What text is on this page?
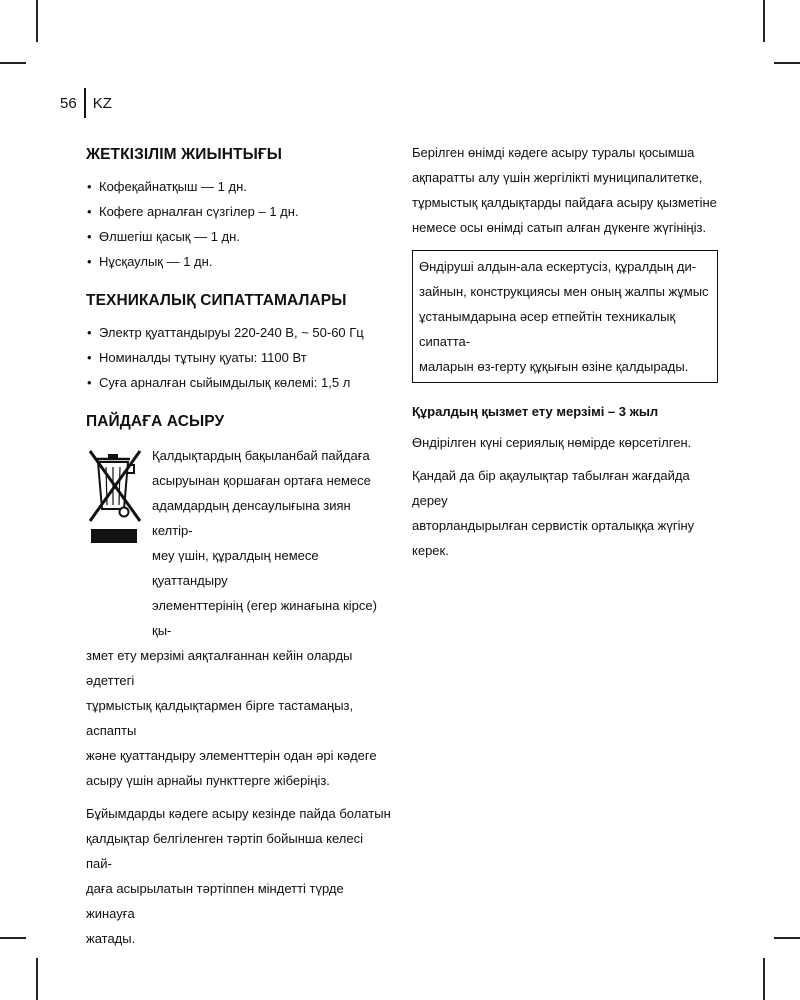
56	KZ
ЖЕТКІЗІЛІМ ЖИЫНТЫҒЫ
• Кофеқайнатқыш — 1 дн.
• Кофеге арналған сүзгілер – 1 дн.
• Өлшегіш қасық — 1 дн.
• Нұсқаулық — 1 дн.
ТЕХНИКАЛЫҚ СИПАТТАМАЛАРЫ
• Электр қуаттандыруы 220-240 В, ~ 50-60 Гц
• Номиналды тұтыну қуаты: 1100 Вт
• Суға арналған сыйымдылық көлемі: 1,5 л
ПАЙДАҒА АСЫРУ
Қалдықтардың бақыланбай пайдаға
асыруынан қоршаған ортаға немесе
адамдардың денсаулығына зиян келтір-
меу үшін, құралдың немесе қуаттандыру
элементтерінің (егер жинағына кірсе) қы-

змет ету мерзімі аяқталғаннан кейін оларды әдеттегі
тұрмыстық қалдықтармен бірге тастамаңыз, аспапты
және қуаттандыру элементтерін одан әрі кәдеге
асыру үшін арнайы пункттерге жіберіңіз.

Бұйымдарды кәдеге асыру кезінде пайда болатын
қалдықтар белгіленген тәртіп бойынша келесі пай-
даға асырылатын тәртіппен міндетті түрде жинауға
жатады.

Берілген өнімді кәдеге асыру туралы қосымша
ақпаратты алу үшін жергілікті муниципалитетке,
тұрмыстық қалдықтарды пайдаға асыру қызметіне
немесе осы өнімді сатып алған дүкенге жүгініңіз.

Өндіруші алдын-ала ескертусіз, құралдың ди-
зайнын, конструкциясы мен оның жалпы жұмыс
ұстанымдарына әсер етпейтін техникалық сипатта-
маларын өз-герту құқығын өзіне қалдырады.

Құралдың қызмет ету мерзімі – 3 жыл

Өндірілген күні сериялық нөмірде көрсетілген.

Қандай да бір ақаулықтар табылған жағдайда дереу
авторландырылған сервистік орталыққа жүгіну керек.
